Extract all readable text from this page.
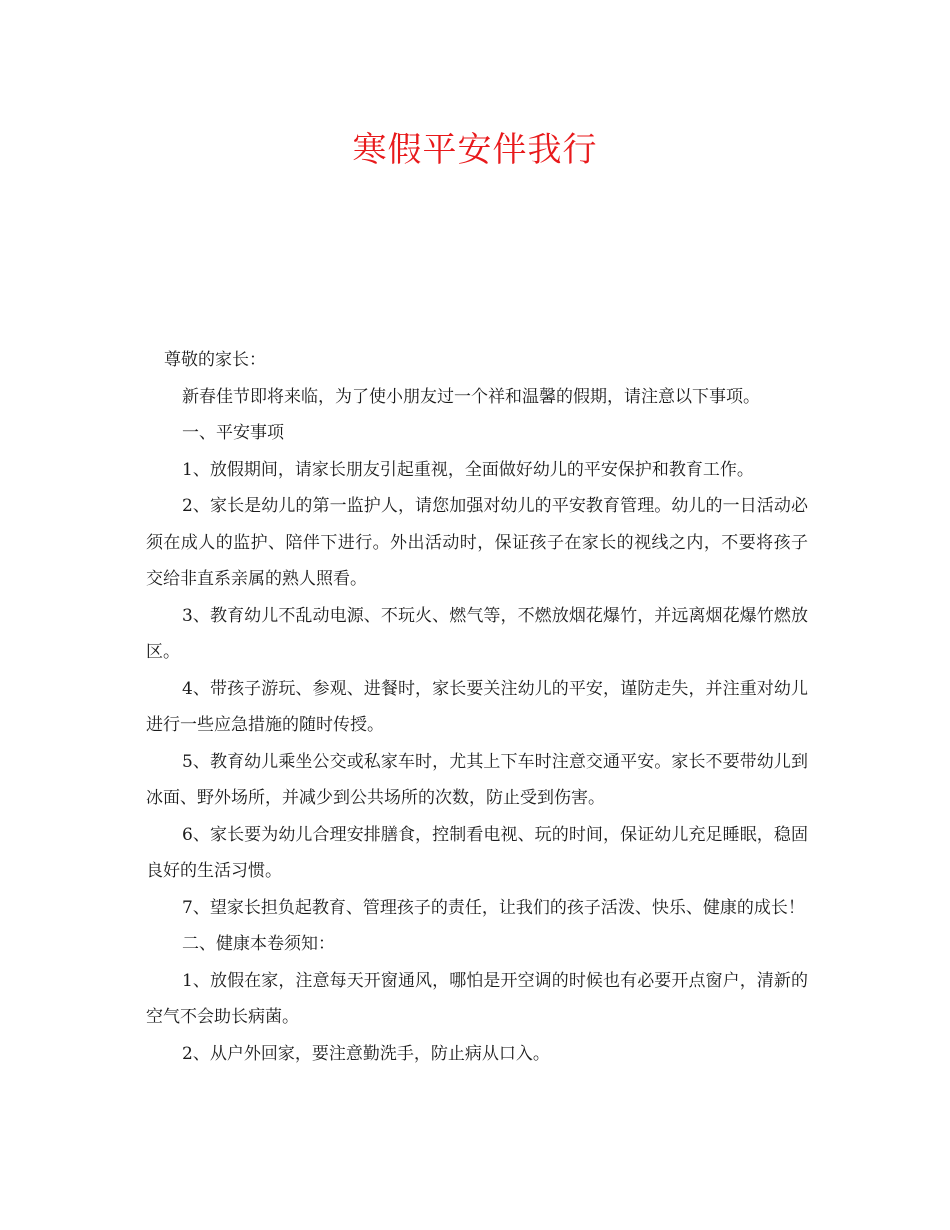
寒假平安伴我行

尊敬的家长：

新春佳节即将来临，为了使小朋友过一个祥和温馨的假期，请注意以下事项。

一、平安事项

1、放假期间，请家长朋友引起重视，全面做好幼儿的平安保护和教育工作。

2、家长是幼儿的第一监护人，请您加强对幼儿的平安教育管理。幼儿的一日活动必须在成人的监护、陪伴下进行。外出活动时，保证孩子在家长的视线之内，不要将孩子交给非直系亲属的熟人照看。

3、教育幼儿不乱动电源、不玩火、燃气等，不燃放烟花爆竹，并远离烟花爆竹燃放区。

4、带孩子游玩、参观、进餐时，家长要关注幼儿的平安，谨防走失，并注重对幼儿进行一些应急措施的随时传授。

5、教育幼儿乘坐公交或私家车时，尤其上下车时注意交通平安。家长不要带幼儿到冰面、野外场所，并减少到公共场所的次数，防止受到伤害。

6、家长要为幼儿合理安排膳食，控制看电视、玩的时间，保证幼儿充足睡眠，稳固良好的生活习惯。

7、望家长担负起教育、管理孩子的责任，让我们的孩子活泼、快乐、健康的成长！

二、健康本卷须知：

1、放假在家，注意每天开窗通风，哪怕是开空调的时候也有必要开点窗户，清新的空气不会助长病菌。

2、从户外回家，要注意勤洗手，防止病从口入。
